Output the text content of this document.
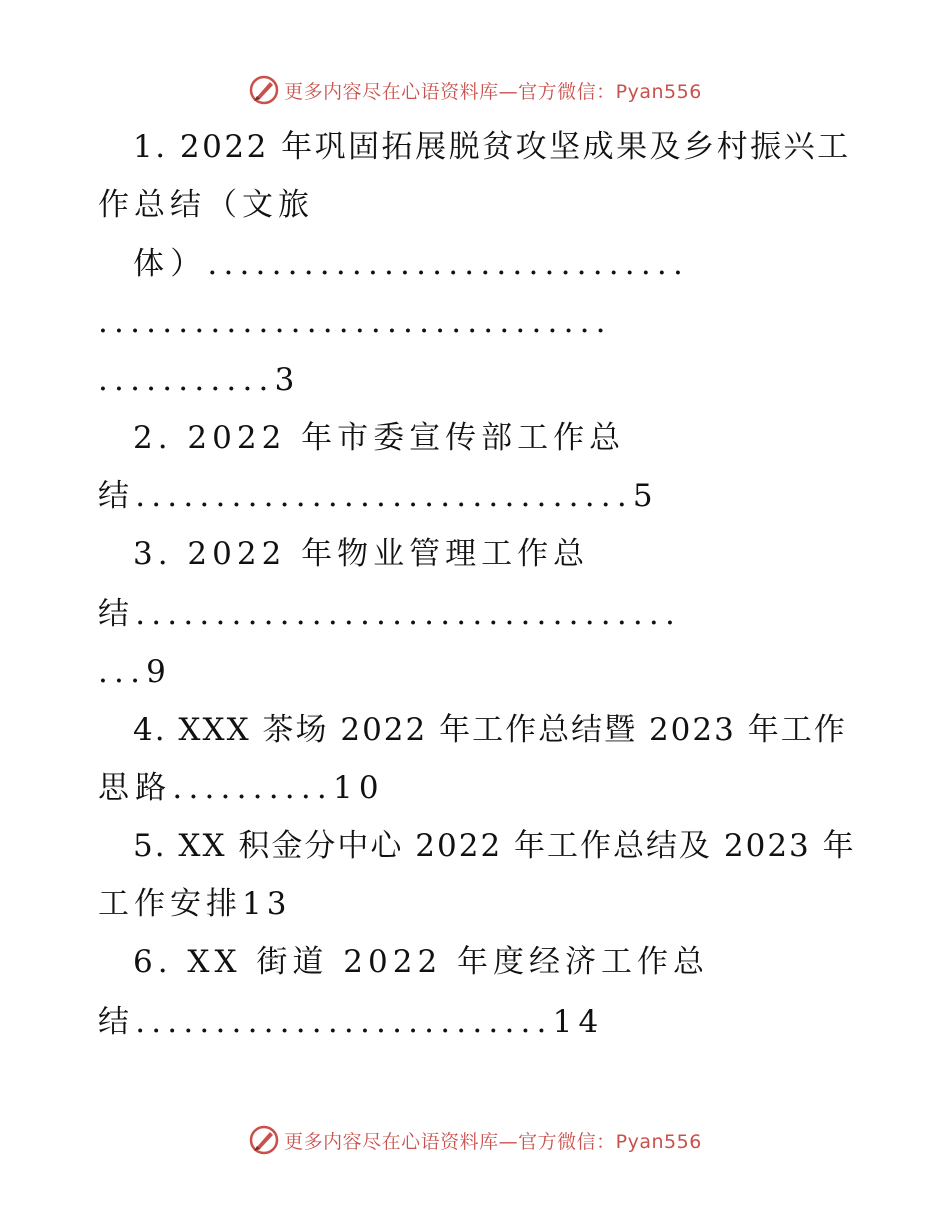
更多内容尽在心语资料库—官方微信：Pyan556
1. 2022 年巩固拓展脱贫攻坚成果及乡村振兴工
作总结（文旅
体）..............................
................................
...........3
2. 2022 年市委宣传部工作总
结...............................5
3. 2022 年物业管理工作总
结..................................
...9
4. XXX 茶场 2022 年工作总结暨 2023 年工作
思路..........10
5. XX 积金分中心 2022 年工作总结及 2023 年
工作安排13
6. XX 街道 2022 年度经济工作总
结..........................14
更多内容尽在心语资料库—官方微信：Pyan556
